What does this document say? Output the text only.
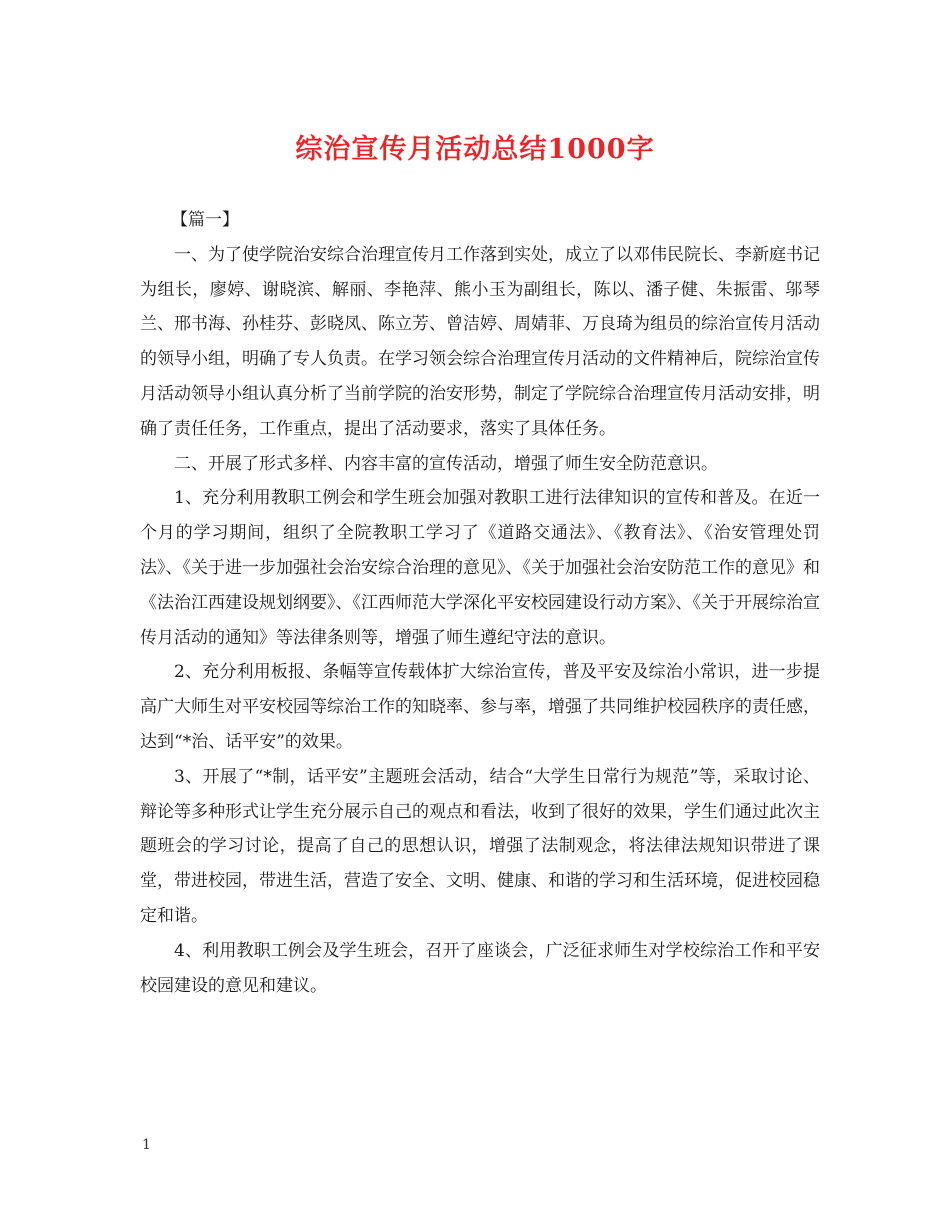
综治宣传月活动总结1000字

【篇一】

一、为了使学院治安综合治理宣传月工作落到实处，成立了以邓伟民院长、李新庭书记为组长，廖婷、谢晓滨、解丽、李艳萍、熊小玉为副组长，陈以、潘子健、朱振雷、邬琴兰、邢书海、孙桂芬、彭晓凤、陈立芳、曾洁婷、周婧菲、万良琦为组员的综治宣传月活动的领导小组，明确了专人负责。在学习领会综合治理宣传月活动的文件精神后，院综治宣传月活动领导小组认真分析了当前学院的治安形势，制定了学院综合治理宣传月活动安排，明确了责任任务，工作重点，提出了活动要求，落实了具体任务。

二、开展了形式多样、内容丰富的宣传活动，增强了师生安全防范意识。

1、充分利用教职工例会和学生班会加强对教职工进行法律知识的宣传和普及。在近一个月的学习期间，组织了全院教职工学习了《道路交通法》、《教育法》、《治安管理处罚法》、《关于进一步加强社会治安综合治理的意见》、《关于加强社会治安防范工作的意见》和《法治江西建设规划纲要》、《江西师范大学深化平安校园建设行动方案》、《关于开展综治宣传月活动的通知》等法律条则等，增强了师生遵纪守法的意识。

2、充分利用板报、条幅等宣传载体扩大综治宣传，普及平安及综治小常识，进一步提高广大师生对平安校园等综治工作的知晓率、参与率，增强了共同维护校园秩序的责任感，达到“*治、话平安”的效果。

3、开展了“*制，话平安”主题班会活动，结合“大学生日常行为规范”等，采取讨论、辩论等多种形式让学生充分展示自己的观点和看法，收到了很好的效果，学生们通过此次主题班会的学习讨论，提高了自己的思想认识，增强了法制观念，将法律法规知识带进了课堂，带进校园，带进生活，营造了安全、文明、健康、和谐的学习和生活环境，促进校园稳定和谐。

4、利用教职工例会及学生班会，召开了座谈会，广泛征求师生对学校综治工作和平安校园建设的意见和建议。

1
